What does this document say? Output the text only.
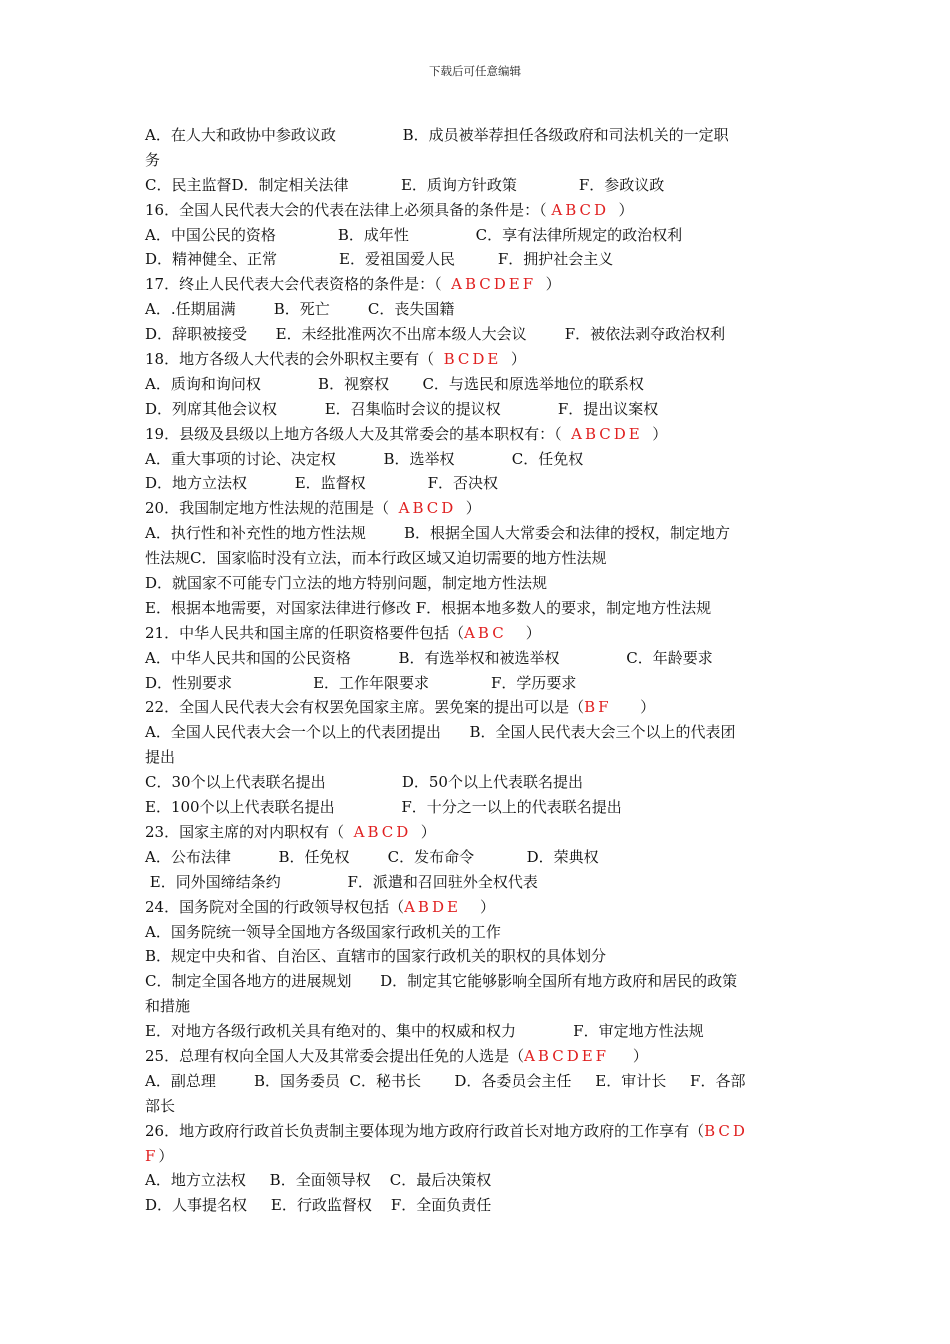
下载后可任意编辑
A．在人大和政协中参政议政              B．成员被举荐担任各级政府和司法机关的一定职
务
C．民主监督D．制定相关法律           E．质询方针政策             F．参政议政
16．全国人民代表大会的代表在法律上必须具备的条件是：（ ABCD  ）
A．中国公民的资格             B．成年性              C．享有法律所规定的政治权利
D．精神健全、正常             E．爱祖国爱人民         F．拥护社会主义
17．终止人民代表大会代表资格的条件是：（  ABCDEF  ）
A．.任期届满        B．死亡        C．丧失国籍
D．辞职被接受      E．未经批准两次不出席本级人大会议        F．被依法剥夺政治权利
18．地方各级人大代表的会外职权主要有（  BCDE  ）
A．质询和询问权            B．视察权       C．与选民和原选举地位的联系权
D．列席其他会议权          E．召集临时会议的提议权            F．提出议案权
19．县级及县级以上地方各级人大及其常委会的基本职权有：（  ABCDE  ）
A．重大事项的讨论、决定权          B．选举权            C．任免权
D．地方立法权          E．监督权             F．否决权
20．我国制定地方性法规的范围是（  ABCD  ）
A．执行性和补充性的地方性法规        B．根据全国人大常委会和法律的授权，制定地方
性法规C．国家临时没有立法，而本行政区域又迫切需要的地方性法规
D．就国家不可能专门立法的地方特别问题，制定地方性法规
E．根据本地需要，对国家法律进行修改 F．根据本地多数人的要求，制定地方性法规
21．中华人民共和国主席的任职资格要件包括（ABC    ）
A．中华人民共和国的公民资格          B．有选举权和被选举权              C．年龄要求
D．性别要求                 E．工作年限要求             F．学历要求
22．全国人民代表大会有权罢免国家主席。罢免案的提出可以是（BF      ）
A．全国人民代表大会一个以上的代表团提出      B．全国人民代表大会三个以上的代表团
提出
C．30个以上代表联名提出                D．50个以上代表联名提出
E．100个以上代表联名提出              F．十分之一以上的代表联名提出
23．国家主席的对内职权有（  ABCD  ）
A．公布法律          B．任免权        C．发布命令           D．荣典权
E．同外国缔结条约              F．派遣和召回驻外全权代表
24．国务院对全国的行政领导权包括（ABDE    ）
A．国务院统一领导全国地方各级国家行政机关的工作
B．规定中央和省、自治区、直辖市的国家行政机关的职权的具体划分
C．制定全国各地方的进展规划      D．制定其它能够影响全国所有地方政府和居民的政策
和措施
E．对地方各级行政机关具有绝对的、集中的权威和权力            F．审定地方性法规
25．总理有权向全国人大及其常委会提出任免的人选是（ABCDEF     ）
A．副总理        B．国务委员  C．秘书长       D．各委员会主任     E．审计长     F．各部
部长
26．地方政府行政首长负责制主要体现为地方政府行政首长对地方政府的工作享有（BCD
F）
A．地方立法权     B．全面领导权    C．最后决策权
D．人事提名权     E．行政监督权    F．全面负责任
